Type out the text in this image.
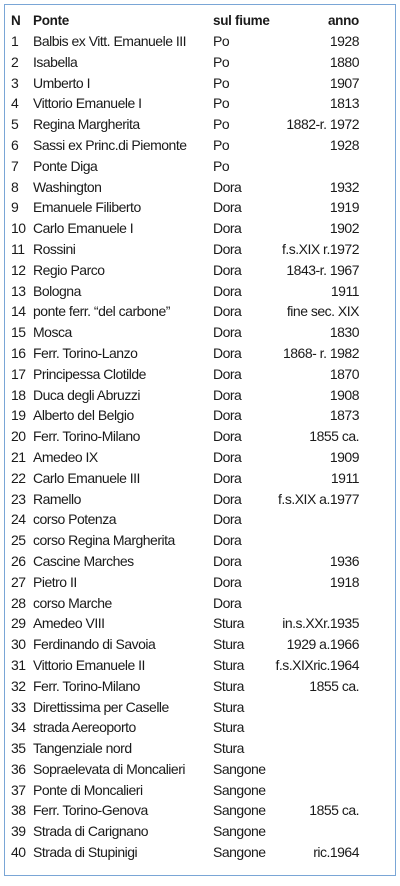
N	Ponte	sul fiume	anno
1	Balbis ex Vitt. Emanuele III	Po	1928
2	Isabella	Po	1880
3	Umberto I	Po	1907
4	Vittorio Emanuele I	Po	1813
5	Regina Margherita	Po	1882-r. 1972
6	Sassi ex Princ.di Piemonte	Po	1928
7	Ponte Diga	Po	
8	Washington	Dora	1932
9	Emanuele Filiberto	Dora	1919
10	Carlo Emanuele I	Dora	1902
11	Rossini	Dora	f.s.XIX r.1972
12	Regio Parco	Dora	1843-r. 1967
13	Bologna	Dora	1911
14	ponte ferr. “del carbone”	Dora	fine sec. XIX
15	Mosca	Dora	1830
16	Ferr. Torino-Lanzo	Dora	1868- r. 1982
17	Principessa Clotilde	Dora	1870
18	Duca degli Abruzzi	Dora	1908
19	Alberto del Belgio	Dora	1873
20	Ferr. Torino-Milano	Dora	1855 ca.
21	Amedeo IX	Dora	1909
22	Carlo Emanuele III	Dora	1911
23	Ramello	Dora	f.s.XIX a.1977
24	corso Potenza	Dora	
25	corso Regina Margherita	Dora	
26	Cascine Marches	Dora	1936
27	Pietro II	Dora	1918
28	corso Marche	Dora	
29	Amedeo VIII	Stura	in.s.XXr.1935
30	Ferdinando di Savoia	Stura	1929 a.1966
31	Vittorio Emanuele II	Stura	f.s.XIXric.1964
32	Ferr. Torino-Milano	Stura	1855 ca.
33	Direttissima per Caselle	Stura	
34	strada Aereoporto	Stura	
35	Tangenziale nord	Stura	
36	Sopraelevata di Moncalieri	Sangone	
37	Ponte di Moncalieri	Sangone	
38	Ferr. Torino-Genova	Sangone	1855 ca.
39	Strada di Carignano	Sangone	
40	Strada di Stupinigi	Sangone	ric.1964
